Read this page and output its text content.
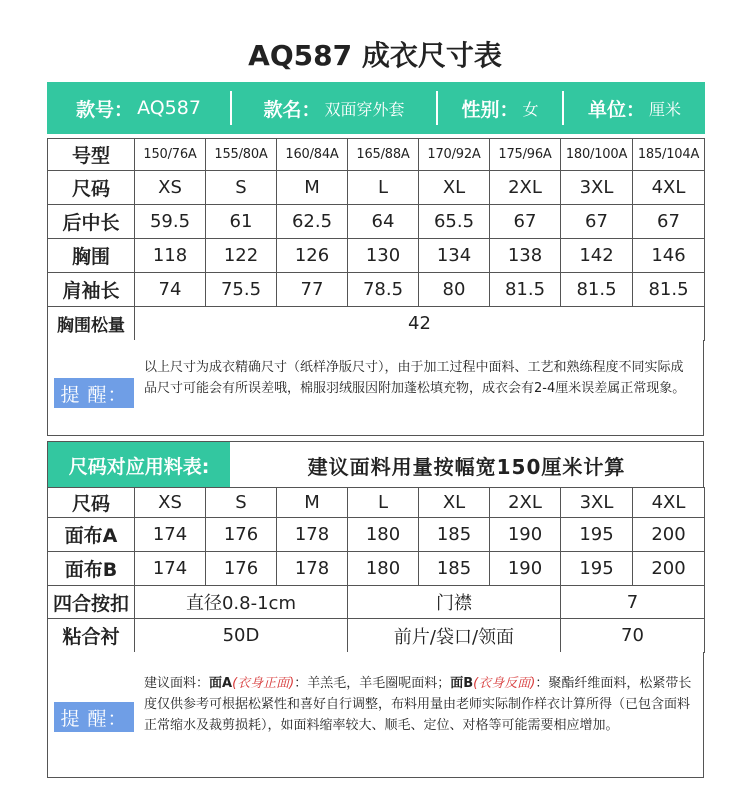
AQ587 成衣尺寸表
款号： AQ587	款名： 双面穿外套	性别： 女	单位： 厘米
号型	150/76A	155/80A	160/84A	165/88A	170/92A	175/96A	180/100A	185/104A
尺码	XS	S	M	L	XL	2XL	3XL	4XL
后中长	59.5	61	62.5	64	65.5	67	67	67
胸围	118	122	126	130	134	138	142	146
肩袖长	74	75.5	77	78.5	80	81.5	81.5	81.5
胸围松量	42							
提 醒：
以上尺寸为成衣精确尺寸（纸样净版尺寸），由于加工过程中面料、工艺和熟练程度不同实际成品尺寸可能会有所误差哦，棉服羽绒服因附加蓬松填充物，成衣会有2-4厘米误差属正常现象。
尺码对应用料表:	建议面料用量按幅宽150厘米计算
尺码	XS	S	M	L	XL	2XL	3XL	4XL
面布A	174	176	178	180	185	190	195	200
面布B	174	176	178	180	185	190	195	200
四合按扣	直径0.8-1cm	门襟	7
粘合衬	50D	前片/袋口/领面	70
提 醒：
建议面料：面A(衣身正面)：羊羔毛，羊毛圈呢面料；面B(衣身反面)：聚酯纤维面料，松紧带长度仅供参考可根据松紧性和喜好自行调整，布料用量由老师实际制作样衣计算所得（已包含面料正常缩水及裁剪损耗），如面料缩率较大、顺毛、定位、对格等可能需要相应增加。
